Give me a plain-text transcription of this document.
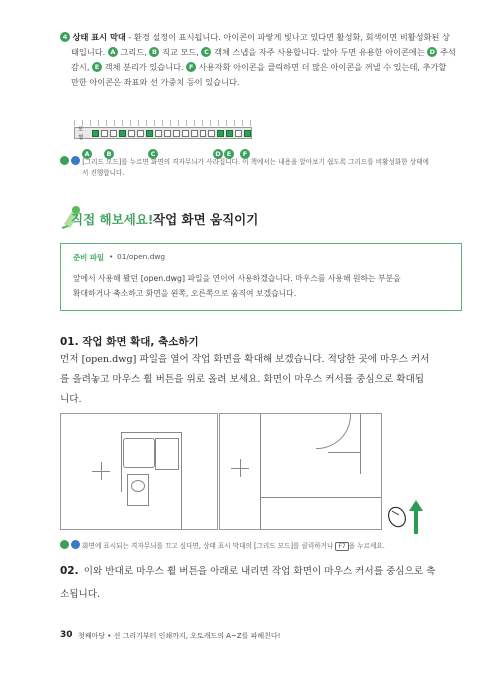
4 상태 표시 막대 - 환경 설정이 표시됩니다. 아이콘이 파랗게 빛나고 있다면 활성화, 회색이면 비활성화된 상
태입니다. A 그리드, B 직교 모드, C 객체 스냅을 자주 사용합니다. 알아 두면 유용한 아이콘에는 D 주석
감시, E 객체 분리가 있습니다. F 사용자화 아이콘을 클릭하면 더 많은 아이콘을 꺼낼 수 있는데, 추가할
만한 아이콘은 좌표와 선 가중치 등이 있습니다.
모형
A	B	C	D E	F
[그리드 모드]를 누르면 화면의 격자무늬가 사라집니다. 이 책에서는 내용을 알아보기 쉽도록 그리드를 비활성화한 상태에
서 진행합니다.
직접 해보세요! 작업 화면 움직이기
준비 파일 • 01/open.dwg
앞에서 사용해 봤던 [open.dwg] 파일을 연이어 사용하겠습니다. 마우스를 사용해 원하는 부분을
확대하거나 축소하고 화면을 왼쪽, 오른쪽으로 움직여 보겠습니다.
01. 작업 화면 확대, 축소하기
먼저 [open.dwg] 파일을 열어 작업 화면을 확대해 보겠습니다. 적당한 곳에 마우스 커서
를 올려놓고 마우스 휠 버튼을 위로 올려 보세요. 화면이 마우스 커서를 중심으로 확대됩
니다.
화면에 표시되는 격자무늬를 끄고 싶다면, 상태 표시 막대의 [그리드 모드]를 클릭하거나 F7 을 누르세요.
02. 이와 반대로 마우스 휠 버튼을 아래로 내리면 작업 화면이 마우스 커서를 중심으로 축
소됩니다.
30 첫째마당 • 선 그리기부터 인쇄까지, 오토캐드의 A~Z를 파헤친다!
